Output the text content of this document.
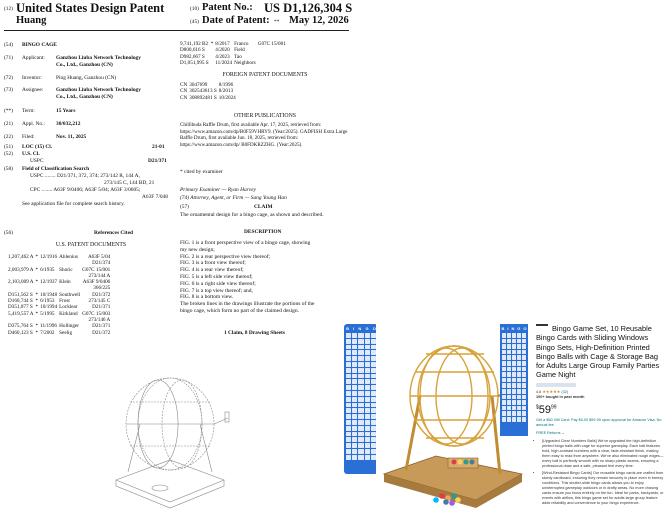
(12) United States Design Patent	(10) Patent No.: US D1,126,304 S
Huang	(45) Date of Patent: ** May 12, 2026
(54) BINGO CAGE
(71) Applicant: Ganzhou Liuba Network Technology
Co., Ltd., Ganzhou (CN)
(72) Inventor:	Ping Huang, Ganzhou (CN)
(73) Assignee: Ganzhou Liuba Network Technology
Co., Ltd., Ganzhou (CN)
(**) Term:	15 Years
(21) Appl. No.: 30/032,212
(22) Filed:	Nov. 11, 2025
(51) LOC (15) Cl.	21-01
(52) U.S. Cl.
USPC	D21/371
(58) Field of Classification Search
USPC ........ D21/371, 372, 374; 273/142 R, 144 A,
273/145 C, 144 BD, 21
CPC ........ A63F 9/0406; A63F 5/04; A63F 3/0605;
A63F 7/048
See application file for complete search history.
(56)	References Cited
U.S. PATENT DOCUMENTS
1,207,462 A	*	12/1916	Ahlenius	A63F 5/04
				D21/374
2,003,979 A	*	6/1935	Shoric	G07C 15/001
				273/144 A
2,103,009 A	*	12/1937	Klein	A63F 9/0406
				366/225
D151,562 S	*	10/1948	Southwell	D21/372
D160,744 S	*	6/1953	Frost	273/145 C
D351,877 S	*	10/1994	Locklear	D21/371
5,419,557 A	*	5/1995	Kirkland	G07C 15/003
				273/146 A
D375,764 S	*	11/1996	Hollinger	D21/371
D460,123 S	*	7/2002	Seelig	D21/372
9,741,192 B2	*	8/2017	Franco	G07C 15/001
D800,616 S		4/2020	Field	
D982,667 S		4/2023	Tao	
D1,051,995 S		11/2024	Neighbors	
FOREIGN PATENT DOCUMENTS
CN	3047699	8/1996
CN	302543613 S	8/2013
CN	308892481 S	10/2024
OTHER PUBLICATIONS
Chillibuda Raffle Drum, first available Apr. 17, 2025, retrieved from: https://www.amazon.com/dp/B0F59VHRY9. (Year:2025). GADFISH Extra Large Raffle Drum, first available Jun. 18, 2025, retrieved from: https://www.amazon.com/dp/ B0FDKRZZHG. (Year:2025).
* cited by examiner
Primary Examiner — Ryan Harvey
(74) Attorney, Agent, or Firm — Sang Young Han
(57)	CLAIM
The ornamental design for a bingo cage, as shown and described.
DESCRIPTION
FIG. 1 is a front perspective view of a bingo cage, showing
my new design;
FIG. 2 is a rear perspective view thereof;
FIG. 3 is a front view thereof;
FIG. 4 is a rear view thereof;
FIG. 5 is a left side view thereof;
FIG. 6 is a right side view thereof;
FIG. 7 is a top view thereof; and,
FIG. 8 is a bottom view.
The broken lines in the drawings illustrate the portions of the
bingo cage, which form no part of the claimed design.
1 Claim, 8 Drawing Sheets
B I N G O	B I N G O	Bingo Game Set, 10 Reusable Bingo Cards with Sliding Windows Bingo Sets, High-Definition Printed Bingo Balls with Cage & Storage Bag for Adults Large Group Family Parties Game Night
4.6 ★★★★★ (32)
100+ bought in past month
$^{\$}59^{99}$
Get a $60 Gift Card: Pay $0.00 $59.99 upon approval for Amazon Visa. No annual fee.
FREE Returns ⌄
• [Upgraded Clear Numbers Balls] We've upgraded the high-definition printed bingo balls with cage for superior gameplay. Each ball features bold, high-contrast numbers with a clear, fade-resistant finish, making them easy to read from anywhere. We've also eliminated rough edges—every ball is perfectly smooth with no sharp plastic seams, ensuring a professional draw and a safe, pleasant feel every time.
• [Wind-Resistant Bingo Cards] Our reusable bingo cards are crafted from sturdy cardboard, ensuring they remain securely in place even in breezy conditions. This shutter-slide bingo cards allows you to enjoy uninterrupted gameplay outdoors or in drafty areas. No more chasing cards ensure you focus entirely on the fun. Ideal for parks, backyards, or events with airflow, this bingo game set for adults large group feature adds reliability and convenience to your bingo experience.
